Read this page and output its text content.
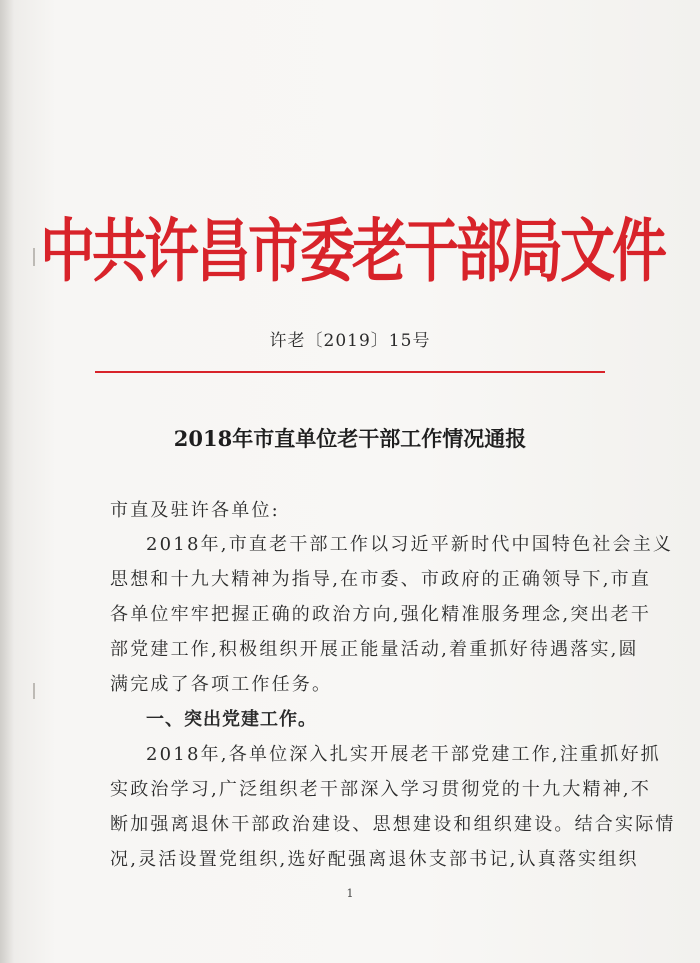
中共许昌市委老干部局文件
许老〔2019〕15号
2018年市直单位老干部工作情况通报
市直及驻许各单位:
2018年,市直老干部工作以习近平新时代中国特色社会主义
思想和十九大精神为指导,在市委、市政府的正确领导下,市直
各单位牢牢把握正确的政治方向,强化精准服务理念,突出老干
部党建工作,积极组织开展正能量活动,着重抓好待遇落实,圆
满完成了各项工作任务。
一、突出党建工作。
2018年,各单位深入扎实开展老干部党建工作,注重抓好抓
实政治学习,广泛组织老干部深入学习贯彻党的十九大精神,不
断加强离退休干部政治建设、思想建设和组织建设。结合实际情
况,灵活设置党组织,选好配强离退休支部书记,认真落实组织
1
